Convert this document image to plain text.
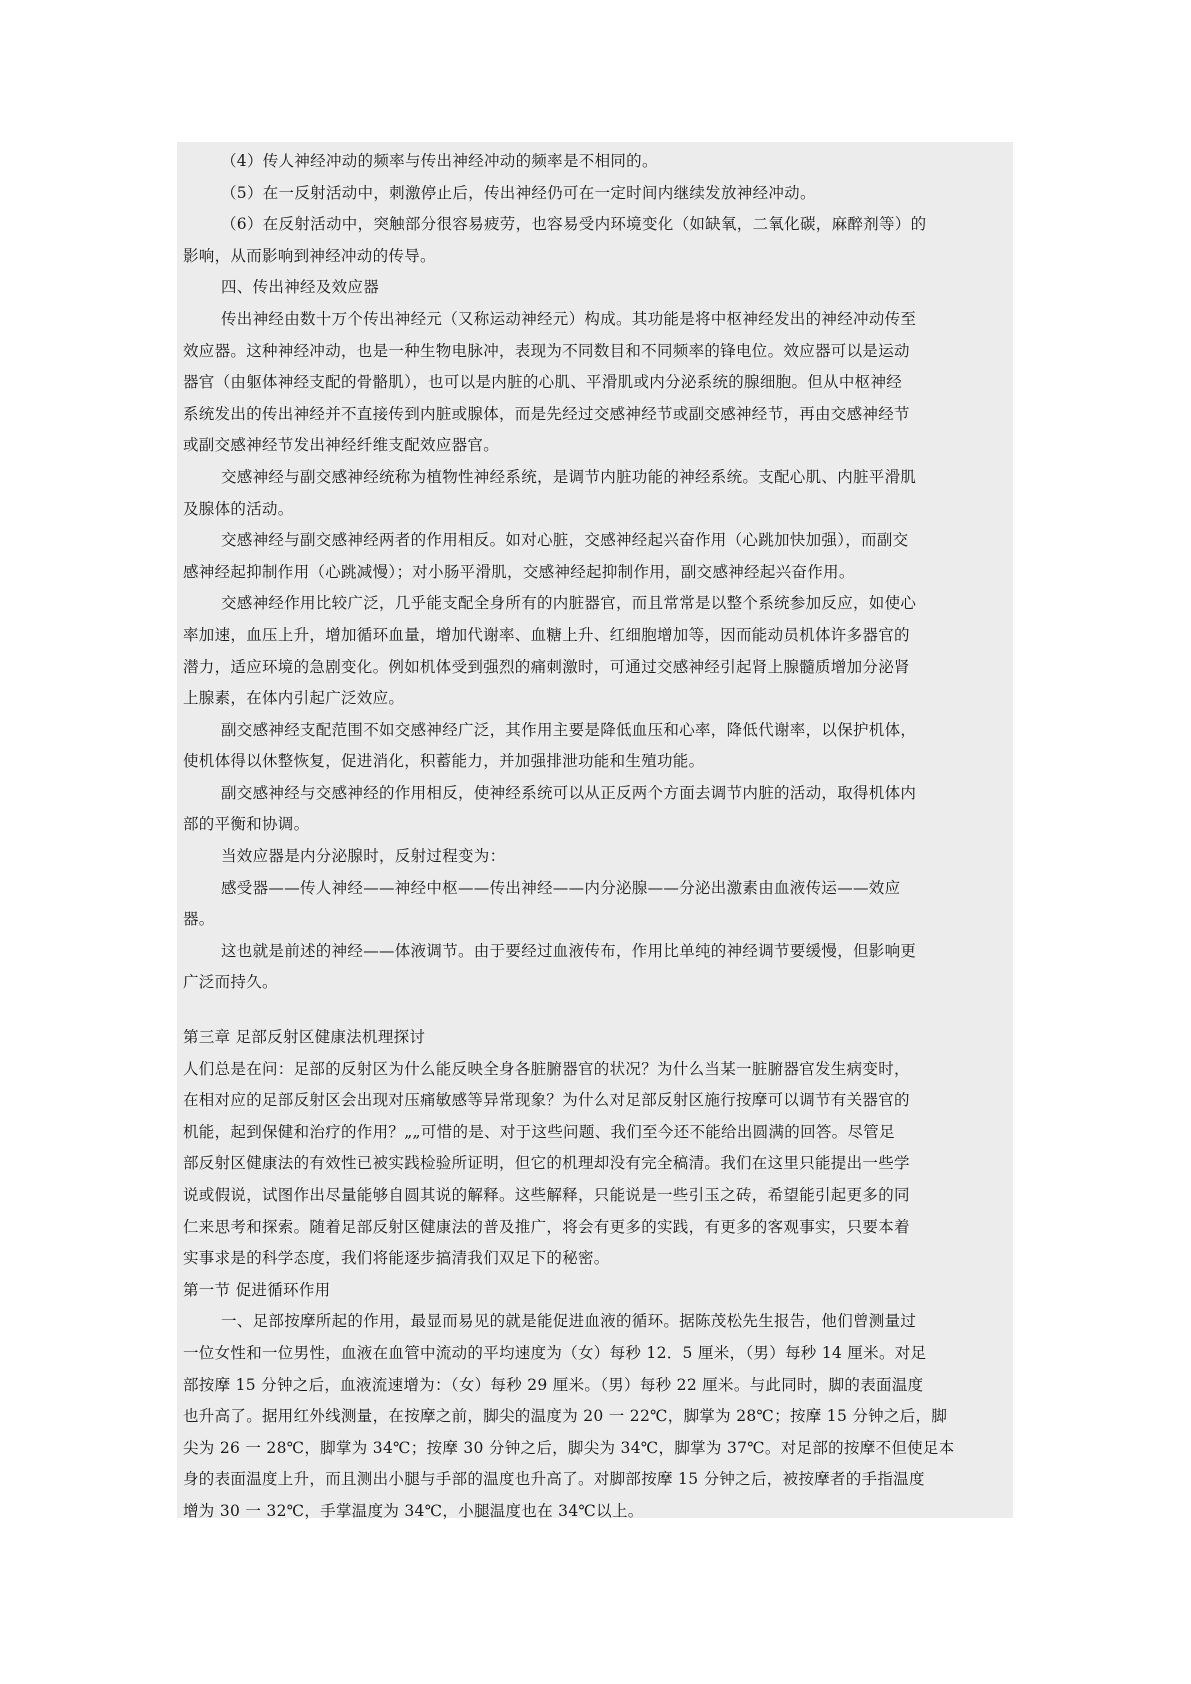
（4）传人神经冲动的频率与传出神经冲动的频率是不相同的。
（5）在一反射活动中，刺激停止后，传出神经仍可在一定时间内继续发放神经冲动。
（6）在反射活动中，突触部分很容易疲劳，也容易受内环境变化（如缺氧，二氧化碳，麻醉剂等）的
影响，从而影响到神经冲动的传导。
四、传出神经及效应器
传出神经由数十万个传出神经元（又称运动神经元）构成。其功能是将中枢神经发出的神经冲动传至
效应器。这种神经冲动，也是一种生物电脉冲，表现为不同数目和不同频率的锋电位。效应器可以是运动
器官（由躯体神经支配的骨骼肌），也可以是内脏的心肌、平滑肌或内分泌系统的腺细胞。但从中枢神经
系统发出的传出神经并不直接传到内脏或腺体，而是先经过交感神经节或副交感神经节，再由交感神经节
或副交感神经节发出神经纤维支配效应器官。
交感神经与副交感神经统称为植物性神经系统，是调节内脏功能的神经系统。支配心肌、内脏平滑肌
及腺体的活动。
交感神经与副交感神经两者的作用相反。如对心脏，交感神经起兴奋作用（心跳加快加强），而副交
感神经起抑制作用（心跳减慢）；对小肠平滑肌，交感神经起抑制作用，副交感神经起兴奋作用。
交感神经作用比较广泛，几乎能支配全身所有的内脏器官，而且常常是以整个系统参加反应，如使心
率加速，血压上升，增加循环血量，增加代谢率、血糖上升、红细胞增加等，因而能动员机体许多器官的
潜力，适应环境的急剧变化。例如机体受到强烈的痛刺激时，可通过交感神经引起肾上腺髓质增加分泌肾
上腺素，在体内引起广泛效应。
副交感神经支配范围不如交感神经广泛，其作用主要是降低血压和心率，降低代谢率，以保护机体，
使机体得以休整恢复，促进消化，积蓄能力，并加强排泄功能和生殖功能。
副交感神经与交感神经的作用相反，使神经系统可以从正反两个方面去调节内脏的活动，取得机体内
部的平衡和协调。
当效应器是内分泌腺时，反射过程变为：
感受器——传人神经——神经中枢——传出神经——内分泌腺——分泌出激素由血液传运——效应
器。
这也就是前述的神经——体液调节。由于要经过血液传布，作用比单纯的神经调节要缓慢，但影响更
广泛而持久。
第三章 足部反射区健康法机理探讨
人们总是在问：足部的反射区为什么能反映全身各脏腑器官的状况？为什么当某一脏腑器官发生病变时，
在相对应的足部反射区会出现对压痛敏感等异常现象？为什么对足部反射区施行按摩可以调节有关器官的
机能，起到保健和治疗的作用？„„可惜的是、对于这些问题、我们至今还不能给出圆满的回答。尽管足
部反射区健康法的有效性已被实践检验所证明，但它的机理却没有完全稿清。我们在这里只能提出一些学
说或假说，试图作出尽量能够自圆其说的解释。这些解释，只能说是一些引玉之砖，希望能引起更多的同
仁来思考和探索。随着足部反射区健康法的普及推广，将会有更多的实践，有更多的客观事实，只要本着
实事求是的科学态度，我们将能逐步搞清我们双足下的秘密。
第一节 促进循环作用
一、足部按摩所起的作用，最显而易见的就是能促进血液的循环。据陈茂松先生报告，他们曾测量过
一位女性和一位男性，血液在血管中流动的平均速度为（女）每秒 12．5 厘米，（男）每秒 14 厘米。对足
部按摩 15 分钟之后，血液流速增为：（女）每秒 29 厘米。（男）每秒 22 厘米。与此同时，脚的表面温度
也升高了。据用红外线测量，在按摩之前，脚尖的温度为 20 一 22℃，脚掌为 28℃；按摩 15 分钟之后，脚
尖为 26 一 28℃，脚掌为 34℃；按摩 30 分钟之后，脚尖为 34℃，脚掌为 37℃。对足部的按摩不但使足本
身的表面温度上升，而且测出小腿与手部的温度也升高了。对脚部按摩 15 分钟之后，被按摩者的手指温度
增为 30 一 32℃，手掌温度为 34℃，小腿温度也在 34℃以上。
